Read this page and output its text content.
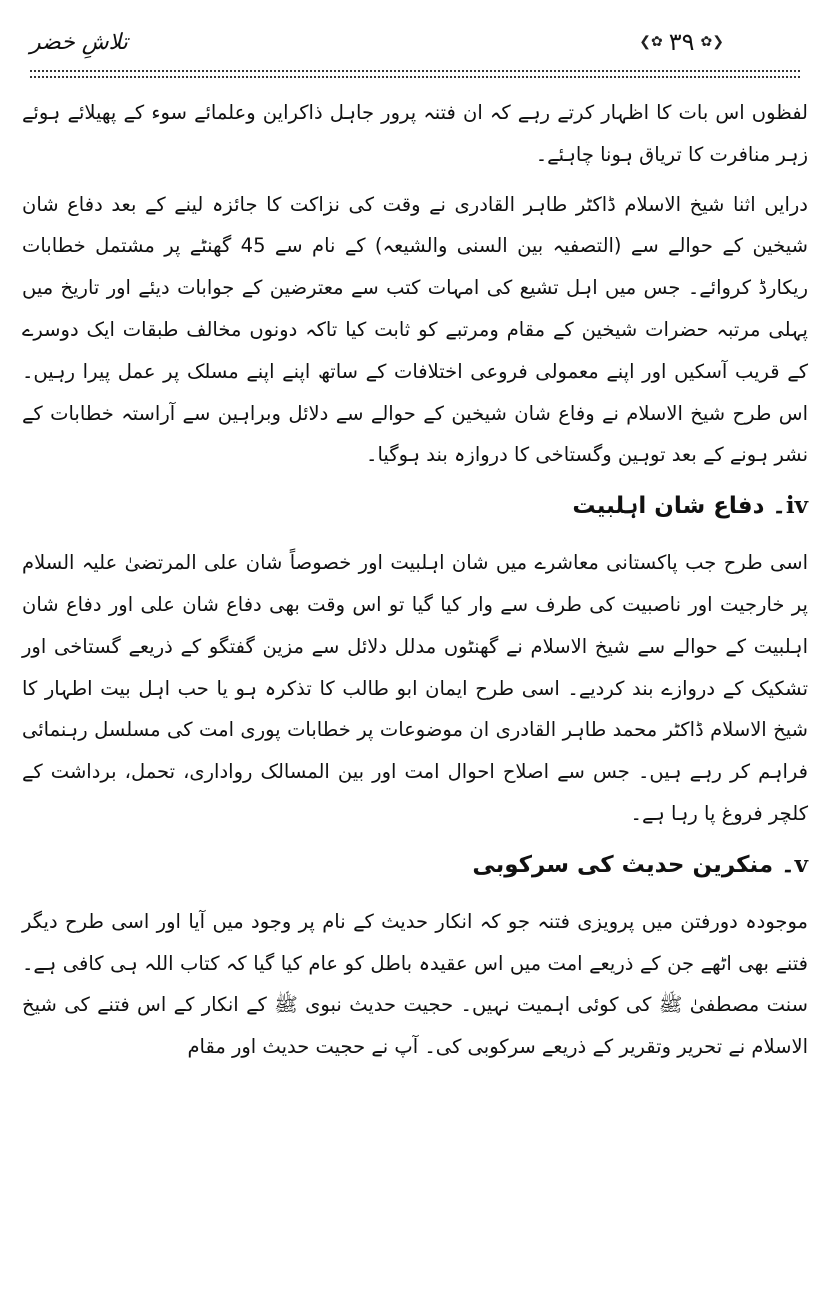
تلاشِ خضر	❮✿ ۳۹ ✿❯

لفظوں اس بات کا اظہار کرتے رہے کہ ان فتنہ پرور جاہل ذاکراین وعلمائے سوء کے پھیلائے ہوئے زہر منافرت کا تریاق ہونا چاہئے۔

درایں اثنا شیخ الاسلام ڈاکٹر طاہر القادری نے وقت کی نزاکت کا جائزہ لینے کے بعد دفاع شان شیخین کے حوالے سے (التصفیہ بین السنی والشیعہ) کے نام سے 45 گھنٹے پر مشتمل خطابات ریکارڈ کروائے۔ جس میں اہل تشیع کی امہات کتب سے معترضین کے جوابات دیئے اور تاریخ میں پہلی مرتبہ حضرات شیخین کے مقام ومرتبے کو ثابت کیا تاکہ دونوں مخالف طبقات ایک دوسرے کے قریب آسکیں اور اپنے معمولی فروعی اختلافات کے ساتھ اپنے اپنے مسلک پر عمل پیرا رہیں۔ اس طرح شیخ الاسلام نے وفاع شان شیخین کے حوالے سے دلائل وبراہین سے آراستہ خطابات کے نشر ہونے کے بعد توہین وگستاخی کا دروازہ بند ہوگیا۔

iv۔ دفاع شان اہلبیت

اسی طرح جب پاکستانی معاشرے میں شان اہلبیت اور خصوصاً شان علی المرتضیٰ علیہ السلام پر خارجیت اور ناصبیت کی طرف سے وار کیا گیا تو اس وقت بھی دفاع شان علی اور دفاع شان اہلبیت کے حوالے سے شیخ الاسلام نے گھنٹوں مدلل دلائل سے مزین گفتگو کے ذریعے گستاخی اور تشکیک کے دروازے بند کردیے۔ اسی طرح ایمان ابو طالب کا تذکرہ ہو یا حب اہل بیت اطہار کا شیخ الاسلام ڈاکٹر محمد طاہر القادری ان موضوعات پر خطابات پوری امت کی مسلسل رہنمائی فراہم کر رہے ہیں۔ جس سے اصلاح احوال امت اور بین المسالک رواداری، تحمل، برداشت کے کلچر فروغ پا رہا ہے۔

v۔ منکرین حدیث کی سرکوبی

موجودہ دورفتن میں پرویزی فتنہ جو کہ انکار حدیث کے نام پر وجود میں آیا اور اسی طرح دیگر فتنے بھی اٹھے جن کے ذریعے امت میں اس عقیدہ باطل کو عام کیا گیا کہ کتاب اللہ ہی کافی ہے۔ سنت مصطفیٰ ﷺ کی کوئی اہمیت نہیں۔ حجیت حدیث نبوی ﷺ کے انکار کے اس فتنے کی شیخ الاسلام نے تحریر وتقریر کے ذریعے سرکوبی کی۔ آپ نے حجیت حدیث اور مقام
